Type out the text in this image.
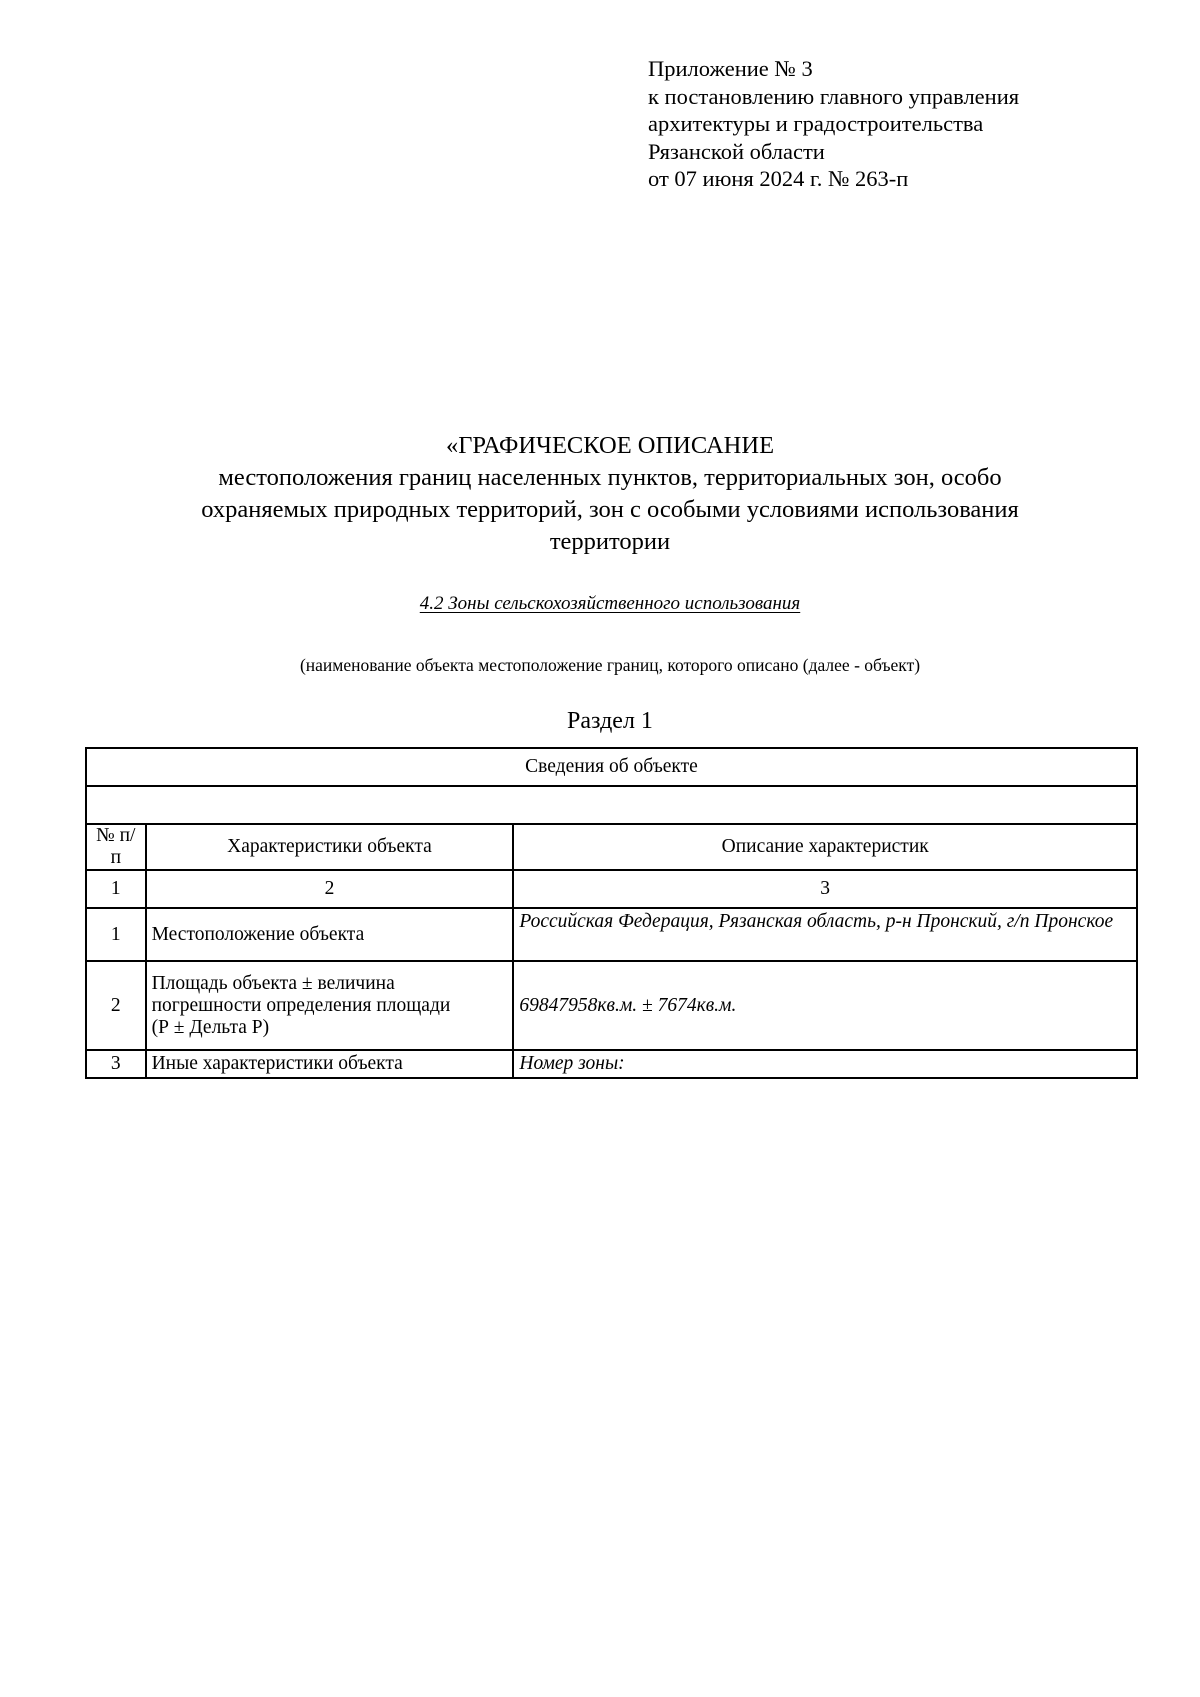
Приложение № 3
к постановлению главного управления
архитектуры и градостроительства
Рязанской области
от 07 июня 2024 г. № 263-п
«ГРАФИЧЕСКОЕ ОПИСАНИЕ
местоположения границ населенных пунктов, территориальных зон, особо
охраняемых природных территорий, зон с особыми условиями использования
территории
4.2 Зоны сельскохозяйственного использования
(наименование объекта местоположение границ, которого описано (далее - объект)
Раздел 1
Сведения об объекте		

№ п/п	Характеристики объекта	Описание характеристик
1	2	3
1	Местоположение объекта	Российская Федерация, Рязанская область, р-н Пронский, г/п Пронское
2	Площадь объекта ± величина
погрешности определения площади
(Р ± Дельта Р)	69847958кв.м. ± 7674кв.м.
3	Иные характеристики объекта	Номер зоны:
